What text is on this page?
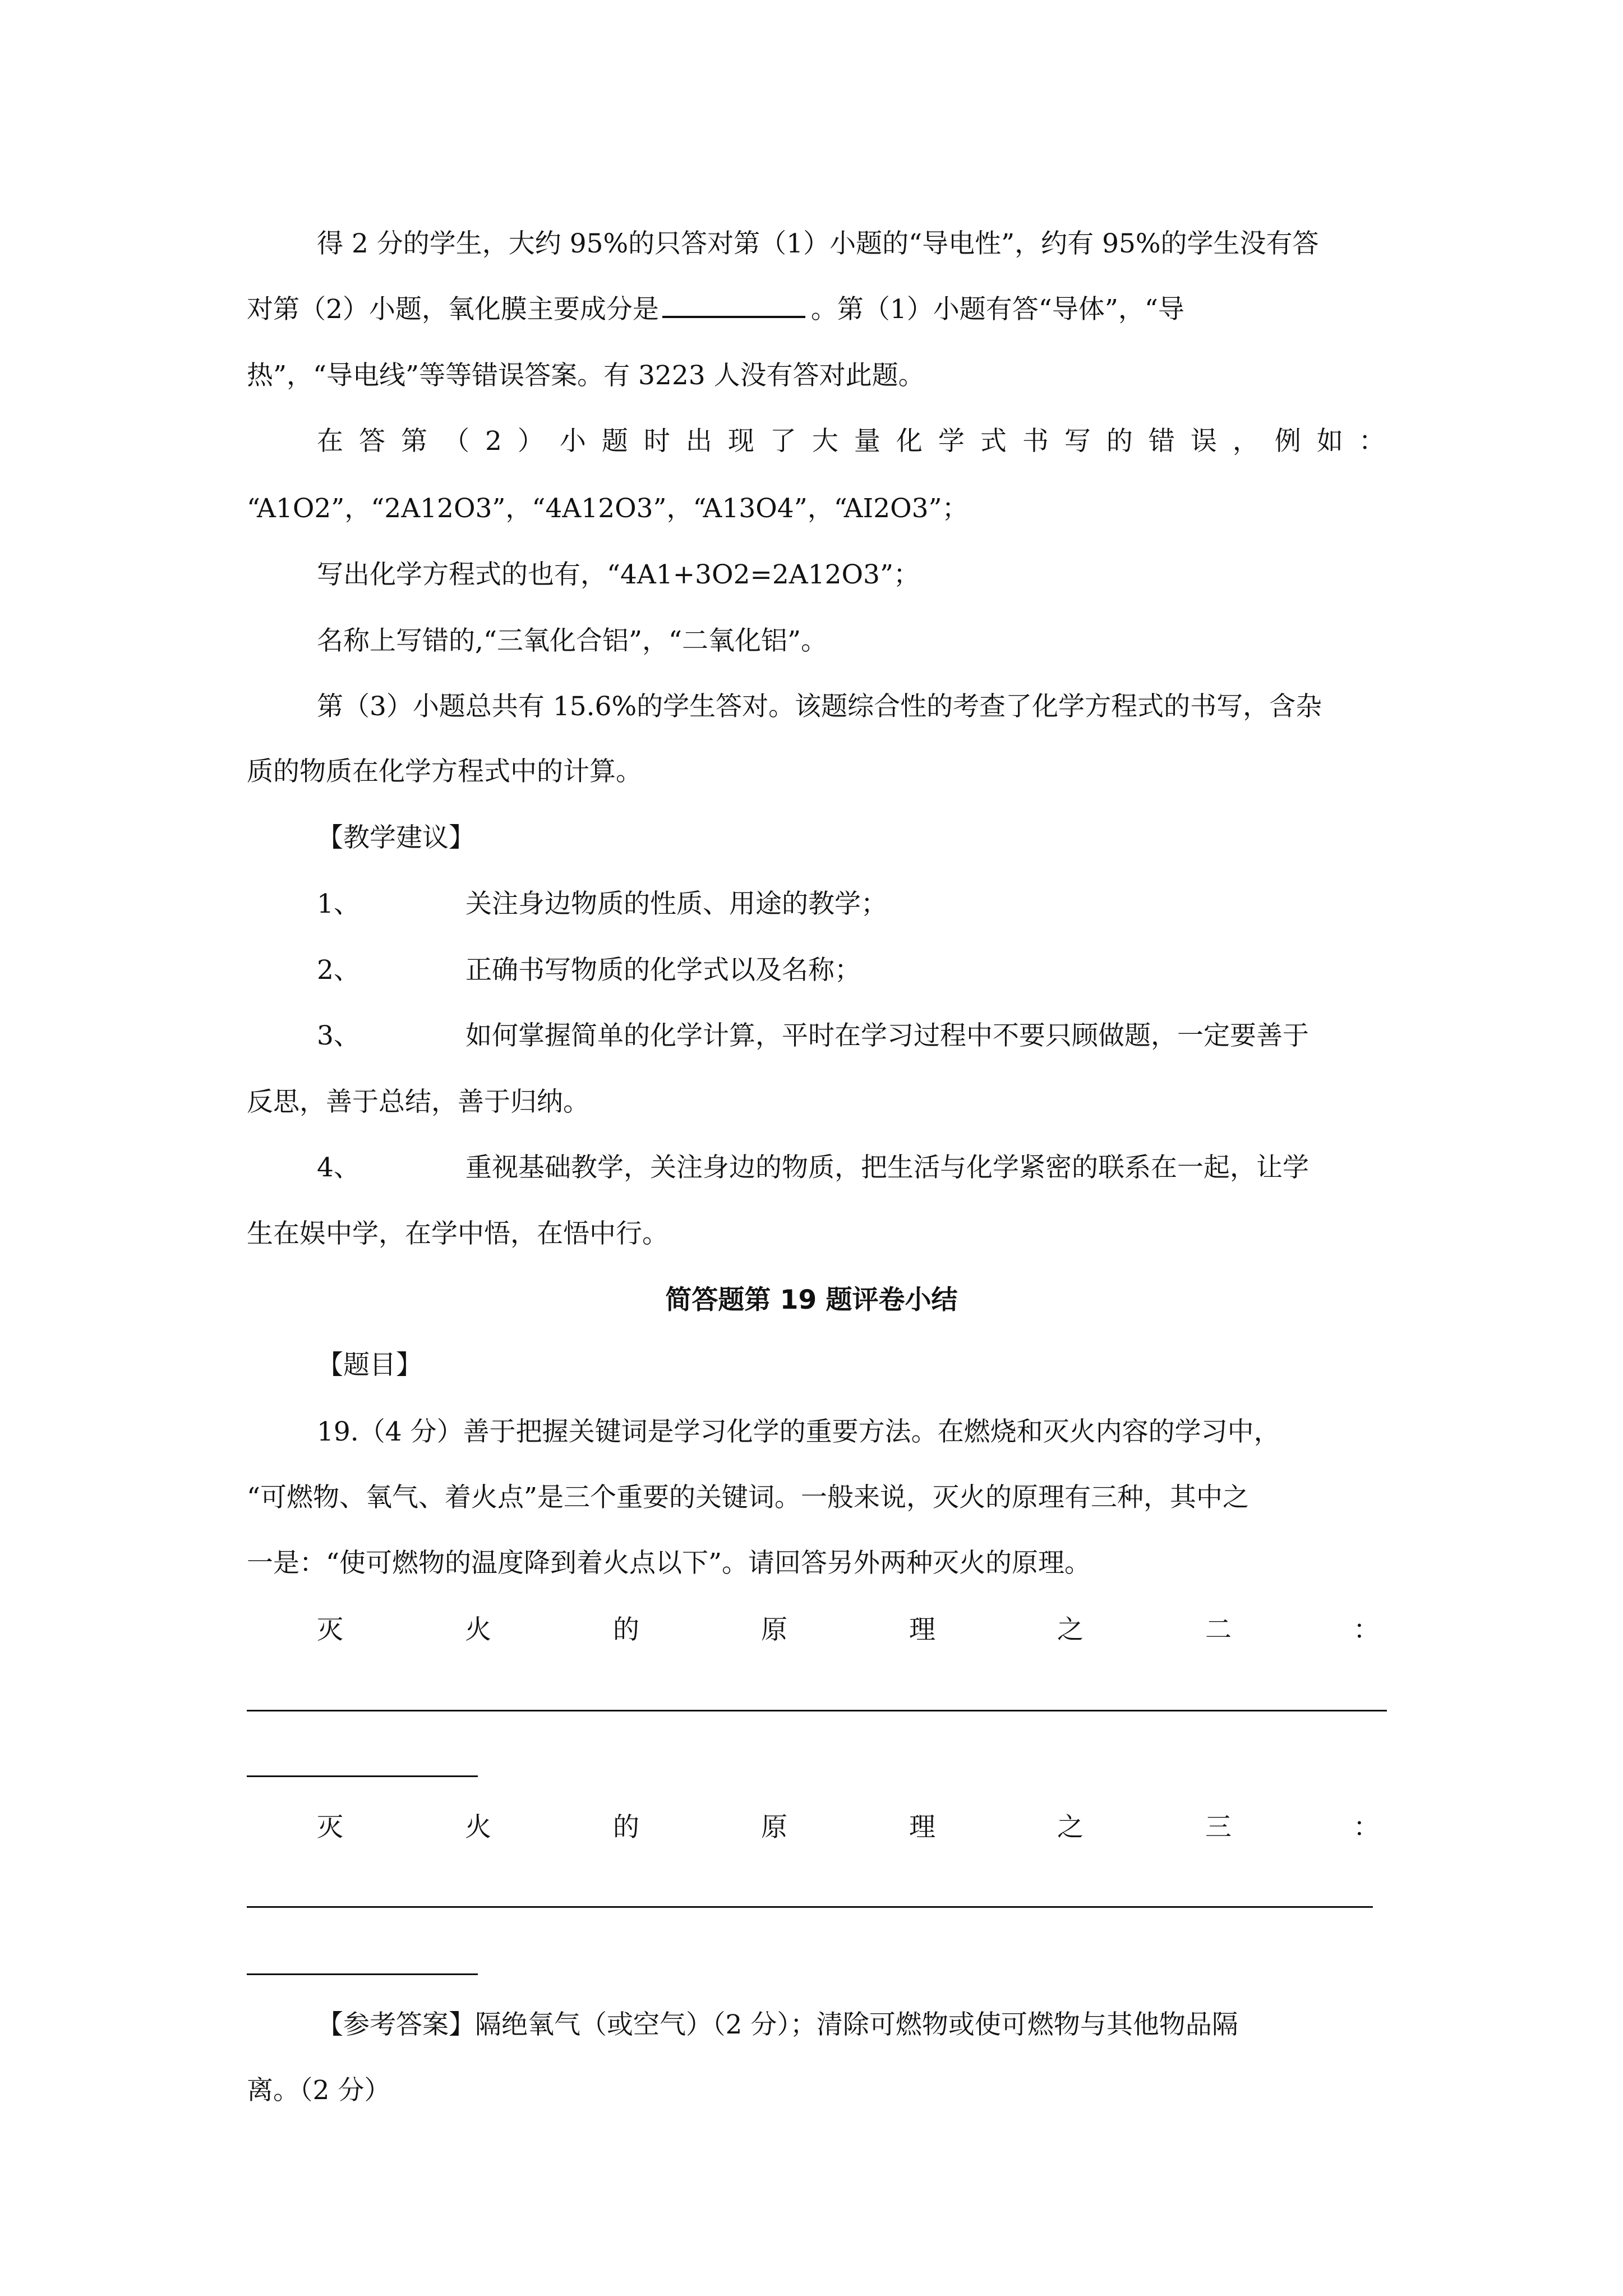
得 2 分的学生，大约 95%的只答对第（1）小题的“导电性”，约有 95%的学生没有答
对第（2）小题，氧化膜主要成分是	。第（1）小题有答“导体”，“导
热”，“导电线”等等错误答案。有 3223 人没有答对此题。
在 答 第 （ 2 ） 小 题 时 出 现 了 大 量 化 学 式 书 写 的 错 误 ， 例 如 ：
“A1O2”，“2A12O3”，“4A12O3”，“A13O4”，“AI2O3”；
写出化学方程式的也有，“4A1+3O2=2A12O3”；
名称上写错的,“三氧化合铝”，“二氧化铝”。
第（3）小题总共有 15.6%的学生答对。该题综合性的考查了化学方程式的书写，含杂
质的物质在化学方程式中的计算。
【教学建议】
1、	关注身边物质的性质、用途的教学；
2、	正确书写物质的化学式以及名称；
3、	如何掌握简单的化学计算，平时在学习过程中不要只顾做题，一定要善于
反思，善于总结，善于归纳。
4、	重视基础教学，关注身边的物质，把生活与化学紧密的联系在一起，让学
生在娱中学，在学中悟，在悟中行。
简答题第 19 题评卷小结
【题目】
19.（4 分）善于把握关键词是学习化学的重要方法。在燃烧和灭火内容的学习中，
“可燃物、氧气、着火点”是三个重要的关键词。一般来说，灭火的原理有三种，其中之
一是：“使可燃物的温度降到着火点以下”。请回答另外两种灭火的原理。
灭	火	的	原	理	之	二	：
灭	火	的	原	理	之	三	：
【参考答案】隔绝氧气（或空气）（2 分）；清除可燃物或使可燃物与其他物品隔
离。（2 分）
